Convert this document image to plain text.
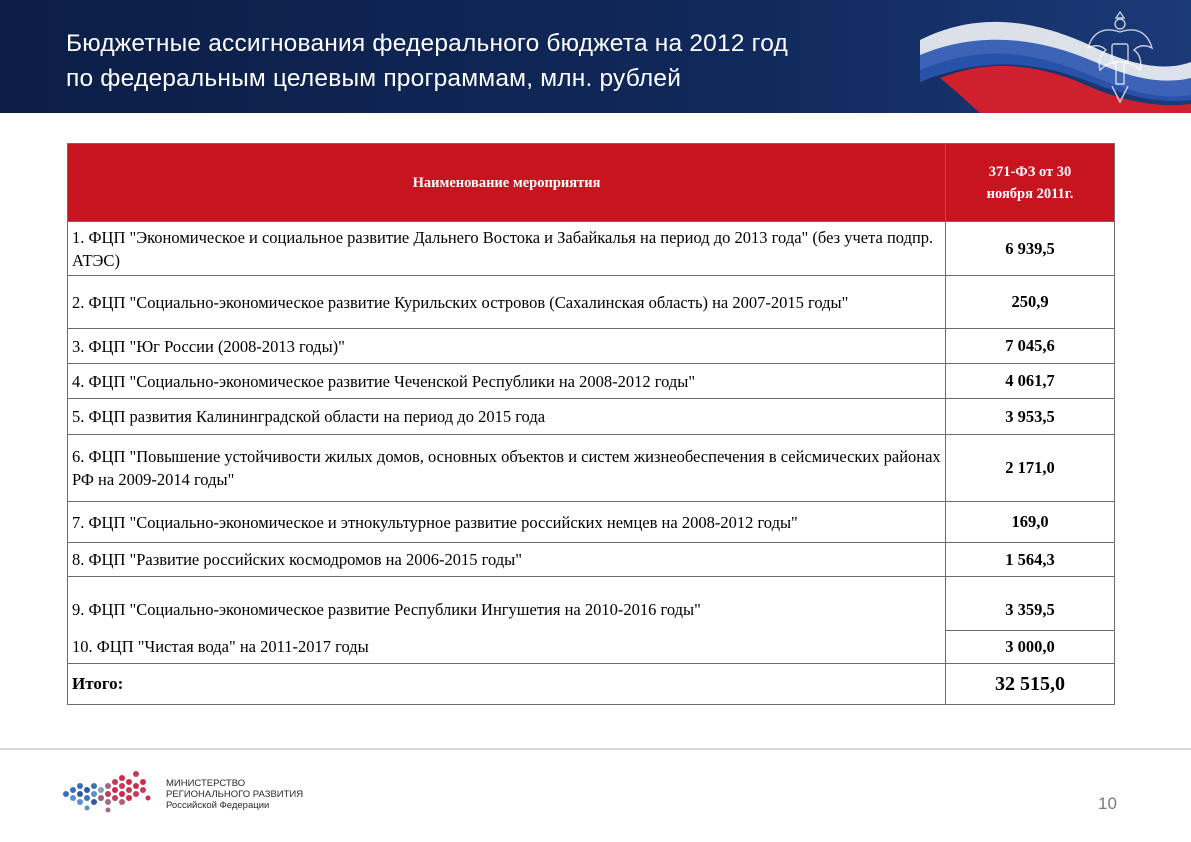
Бюджетные ассигнования федерального бюджета на 2012 год
по федеральным целевым программам, млн. рублей
Наименование мероприятия	371-ФЗ от 30
ноября 2011г.

1. ФЦП "Экономическое и социальное развитие Дальнего Востока и Забайкалья на период до 2013 года" (без учета подпр. АТЭС)	6 939,5
2. ФЦП "Социально-экономическое развитие Курильских островов (Сахалинская область) на 2007-2015 годы"	250,9
3. ФЦП "Юг России (2008-2013 годы)"	7 045,6
4. ФЦП "Социально-экономическое развитие Чеченской Республики на 2008-2012 годы"	4 061,7
5. ФЦП развития Калининградской области на период до 2015 года	3 953,5
6. ФЦП "Повышение устойчивости жилых домов, основных объектов и систем жизнеобеспечения в сейсмических районах РФ на 2009-2014 годы"	2 171,0
7. ФЦП "Социально-экономическое и этнокультурное развитие российских немцев на 2008-2012 годы"	169,0
8. ФЦП "Развитие российских космодромов на 2006-2015 годы"	1 564,3
9. ФЦП "Социально-экономическое развитие Республики Ингушетия на 2010-2016 годы"	3 359,5
10. ФЦП "Чистая вода" на 2011-2017 годы	3 000,0
Итого:	32 515,0
МИНИСТЕРСТВО
РЕГИОНАЛЬНОГО РАЗВИТИЯ
Российской Федерации	10
